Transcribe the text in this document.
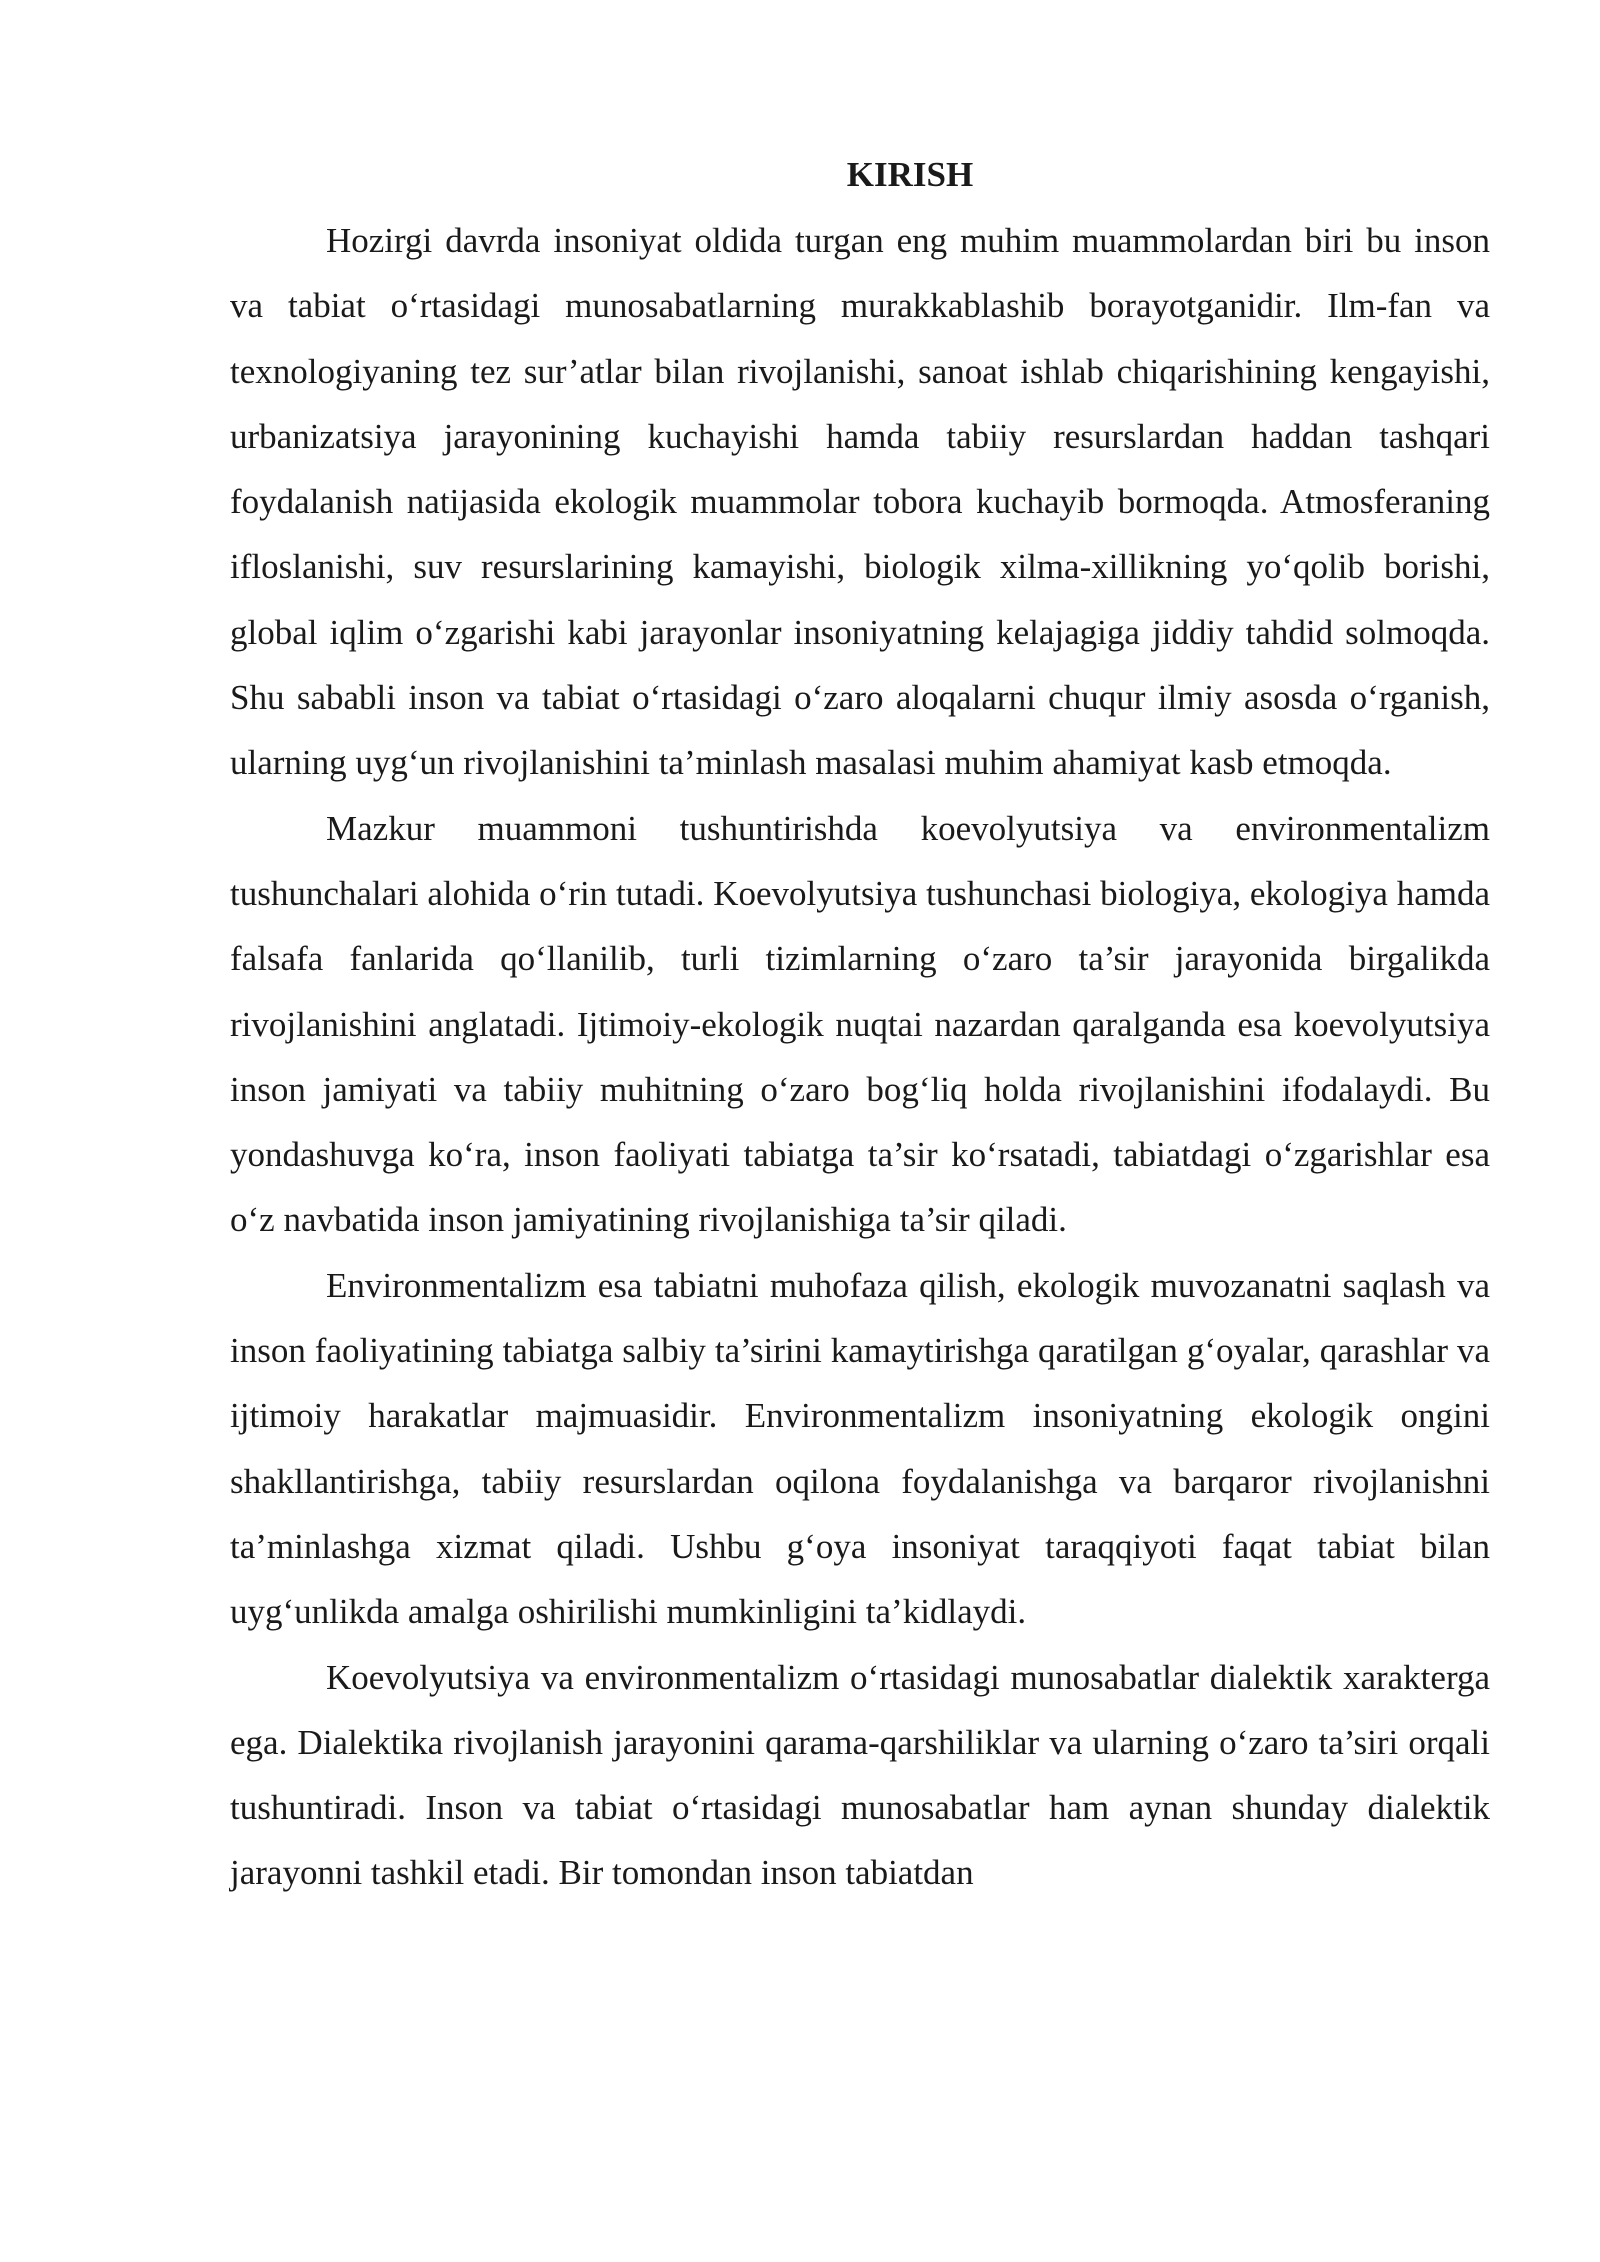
KIRISH

Hozirgi davrda insoniyat oldida turgan eng muhim muammolardan biri bu inson va tabiat o‘rtasidagi munosabatlarning murakkablashib borayotganidir. Ilm-fan va texnologiyaning tez sur’atlar bilan rivojlanishi, sanoat ishlab chiqarishining kengayishi, urbanizatsiya jarayonining kuchayishi hamda tabiiy resurslardan haddan tashqari foydalanish natijasida ekologik muammolar tobora kuchayib bormoqda. Atmosferaning ifloslanishi, suv resurslarining kamayishi, biologik xilma-xillikning yo‘qolib borishi, global iqlim o‘zgarishi kabi jarayonlar insoniyatning kelajagiga jiddiy tahdid solmoqda. Shu sababli inson va tabiat o‘rtasidagi o‘zaro aloqalarni chuqur ilmiy asosda o‘rganish, ularning uyg‘un rivojlanishini ta’minlash masalasi muhim ahamiyat kasb etmoqda.

Mazkur muammoni tushuntirishda koevolyutsiya va environmentalizm tushunchalari alohida o‘rin tutadi. Koevolyutsiya tushunchasi biologiya, ekologiya hamda falsafa fanlarida qo‘llanilib, turli tizimlarning o‘zaro ta’sir jarayonida birgalikda rivojlanishini anglatadi. Ijtimoiy-ekologik nuqtai nazardan qaralganda esa koevolyutsiya inson jamiyati va tabiiy muhitning o‘zaro bog‘liq holda rivojlanishini ifodalaydi. Bu yondashuvga ko‘ra, inson faoliyati tabiatga ta’sir ko‘rsatadi, tabiatdagi o‘zgarishlar esa o‘z navbatida inson jamiyatining rivojlanishiga ta’sir qiladi.

Environmentalizm esa tabiatni muhofaza qilish, ekologik muvozanatni saqlash va inson faoliyatining tabiatga salbiy ta’sirini kamaytirishga qaratilgan g‘oyalar, qarashlar va ijtimoiy harakatlar majmuasidir. Environmentalizm insoniyatning ekologik ongini shakllantirishga, tabiiy resurslardan oqilona foydalanishga va barqaror rivojlanishni ta’minlashga xizmat qiladi. Ushbu g‘oya insoniyat taraqqiyoti faqat tabiat bilan uyg‘unlikda amalga oshirilishi mumkinligini ta’kidlaydi.

Koevolyutsiya va environmentalizm o‘rtasidagi munosabatlar dialektik xarakterga ega. Dialektika rivojlanish jarayonini qarama-qarshiliklar va ularning o‘zaro ta’siri orqali tushuntiradi. Inson va tabiat o‘rtasidagi munosabatlar ham aynan shunday dialektik jarayonni tashkil etadi. Bir tomondan inson tabiatdan
